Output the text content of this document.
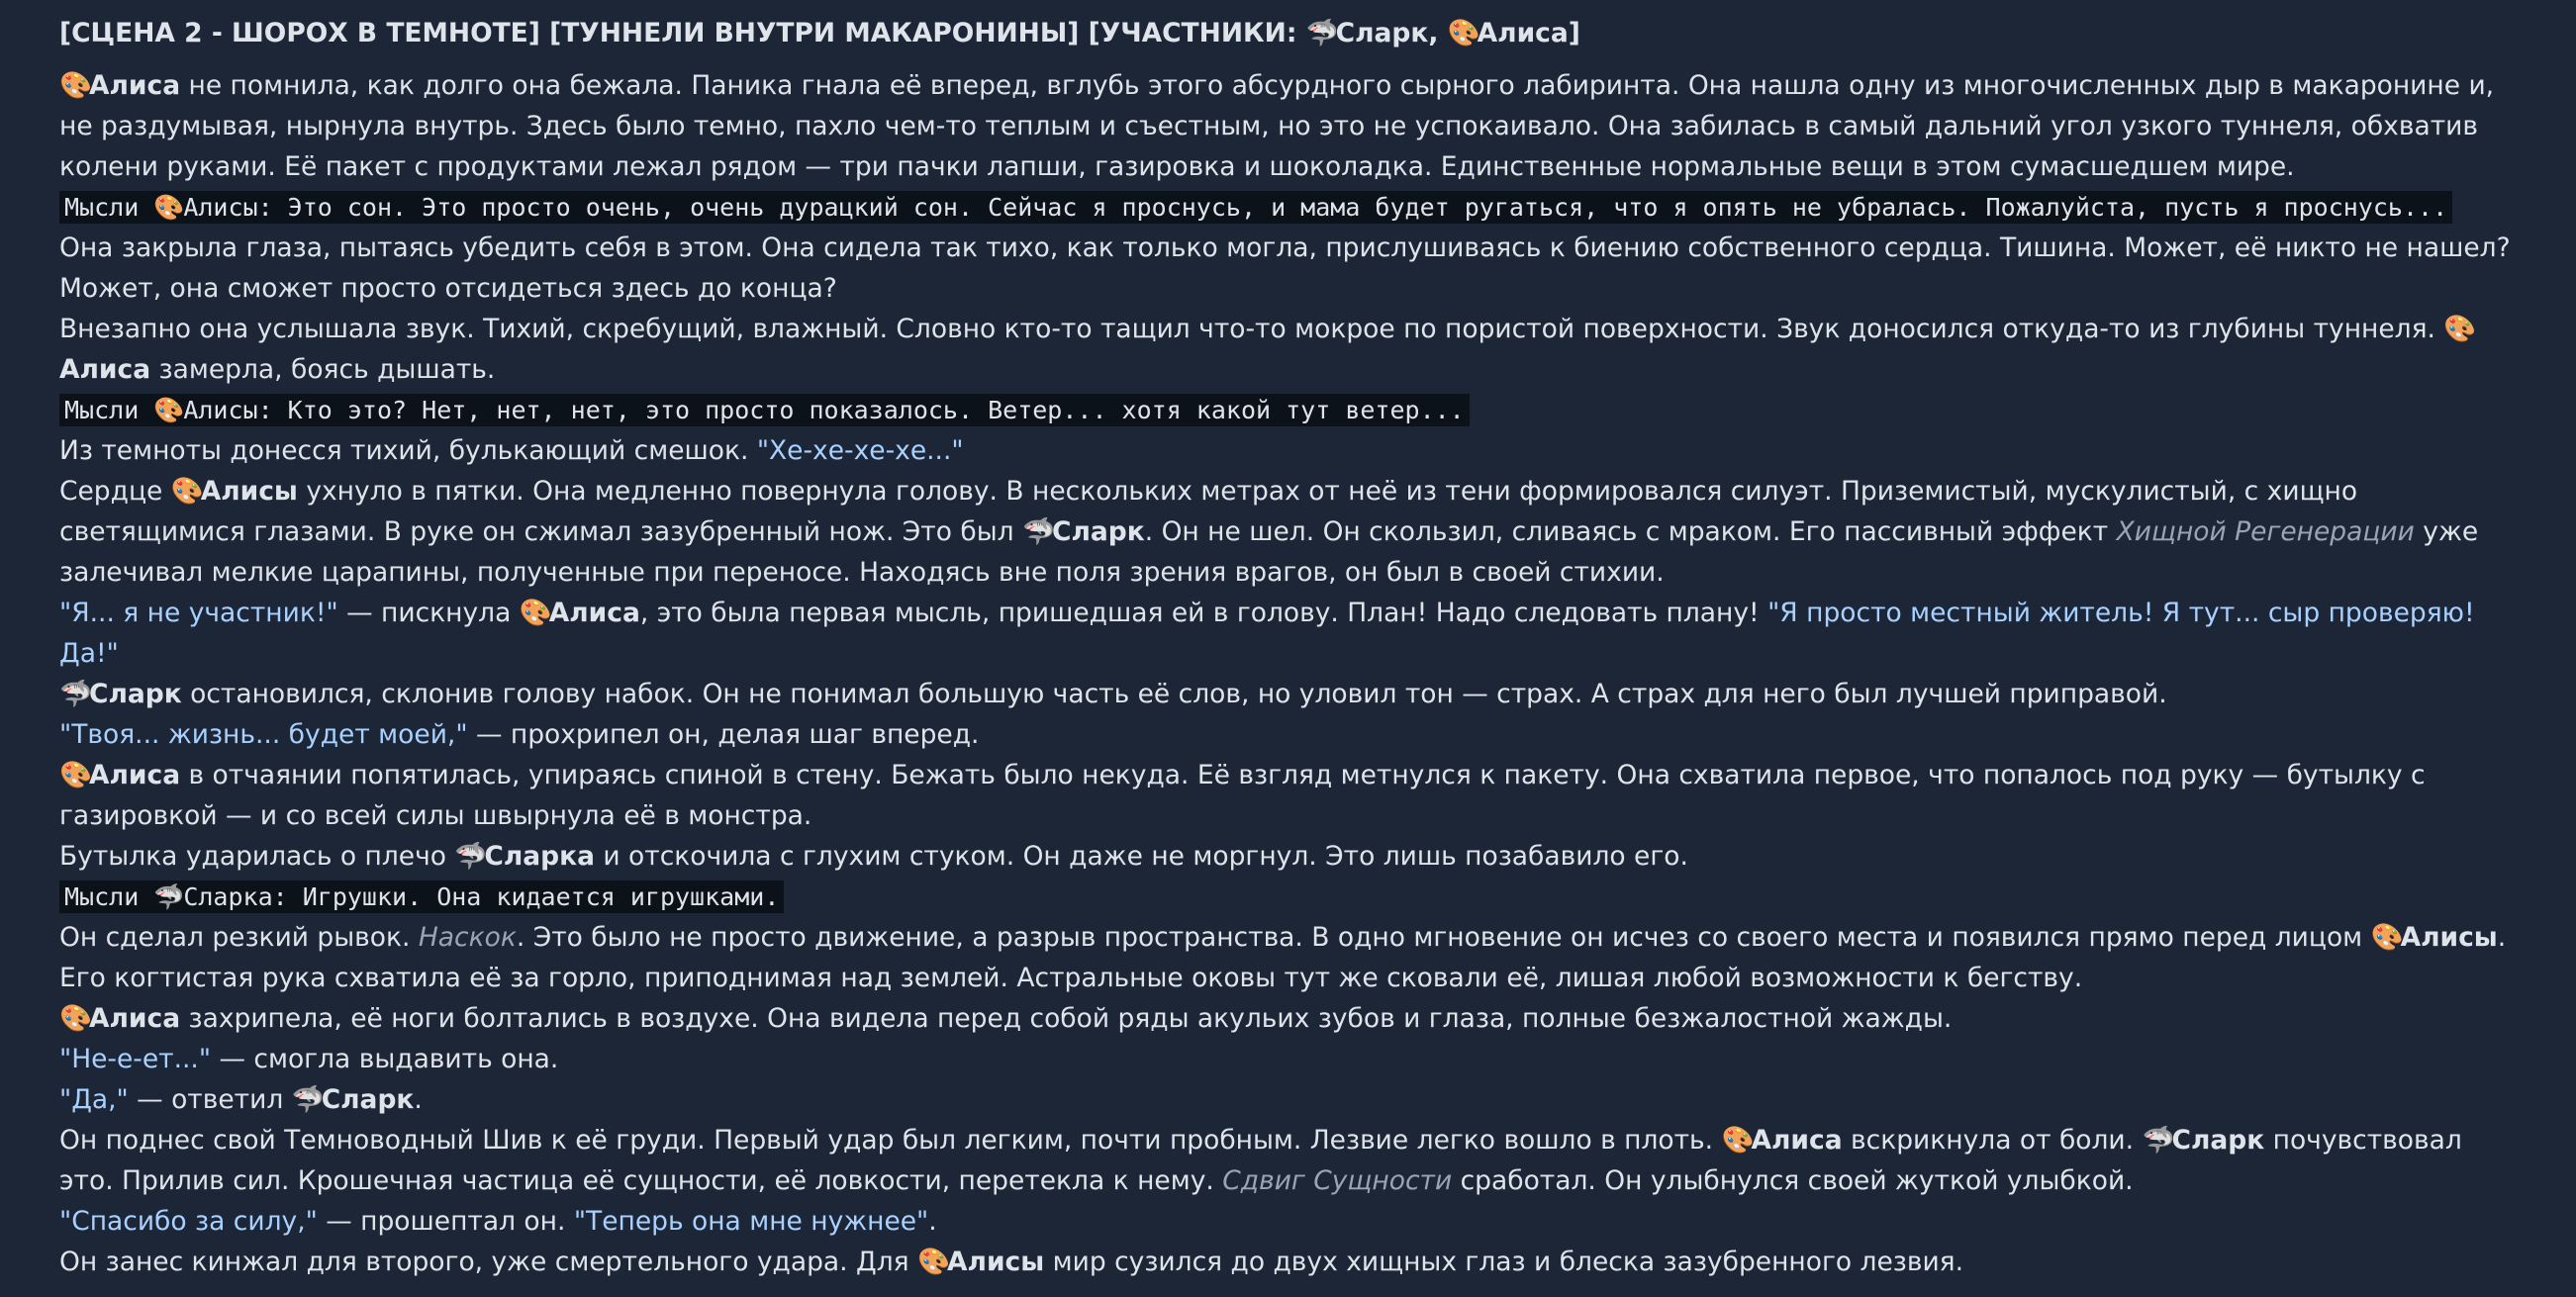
[СЦЕНА 2 - ШОРОХ В ТЕМНОТЕ] [ТУННЕЛИ ВНУТРИ МАКАРОНИНЫ] [УЧАСТНИКИ: 🦈Сларк, 🎨Алиса]

🎨Алиса не помнила, как долго она бежала. Паника гнала её вперед, вглубь этого абсурдного сырного лабиринта. Она нашла одну из многочисленных дыр в макаронине и, не раздумывая, нырнула внутрь. Здесь было темно, пахло чем-то теплым и съестным, но это не успокаивало. Она забилась в самый дальний угол узкого туннеля, обхватив колени руками. Её пакет с продуктами лежал рядом — три пачки лапши, газировка и шоколадка. Единственные нормальные вещи в этом сумасшедшем мире.

Мысли 🎨Алисы: Это сон. Это просто очень, очень дурацкий сон. Сейчас я проснусь, и мама будет ругаться, что я опять не убралась. Пожалуйста, пусть я проснусь...

Она закрыла глаза, пытаясь убедить себя в этом. Она сидела так тихо, как только могла, прислушиваясь к биению собственного сердца. Тишина. Может, её никто не нашел? Может, она сможет просто отсидеться здесь до конца?

Внезапно она услышала звук. Тихий, скребущий, влажный. Словно кто-то тащил что-то мокрое по пористой поверхности. Звук доносился откуда-то из глубины туннеля. 🎨Алиса замерла, боясь дышать.

Мысли 🎨Алисы: Кто это? Нет, нет, нет, это просто показалось. Ветер... хотя какой тут ветер...

Из темноты донесся тихий, булькающий смешок. "Хе-хе-хе-хе..."

Сердце 🎨Алисы ухнуло в пятки. Она медленно повернула голову. В нескольких метрах от неё из тени формировался силуэт. Приземистый, мускулистый, с хищно светящимися глазами. В руке он сжимал зазубренный нож. Это был 🦈Сларк. Он не шел. Он скользил, сливаясь с мраком. Его пассивный эффект Хищной Регенерации уже залечивал мелкие царапины, полученные при переносе. Находясь вне поля зрения врагов, он был в своей стихии.

"Я... я не участник!" — пискнула 🎨Алиса, это была первая мысль, пришедшая ей в голову. План! Надо следовать плану! "Я просто местный житель! Я тут... сыр проверяю! Да!"

🦈Сларк остановился, склонив голову набок. Он не понимал большую часть её слов, но уловил тон — страх. А страх для него был лучшей приправой.

"Твоя... жизнь... будет моей," — прохрипел он, делая шаг вперед.

🎨Алиса в отчаянии попятилась, упираясь спиной в стену. Бежать было некуда. Её взгляд метнулся к пакету. Она схватила первое, что попалось под руку — бутылку с газировкой — и со всей силы швырнула её в монстра.

Бутылка ударилась о плечо 🦈Сларка и отскочила с глухим стуком. Он даже не моргнул. Это лишь позабавило его.

Мысли 🦈Сларка: Игрушки. Она кидается игрушками.

Он сделал резкий рывок. Наскок. Это было не просто движение, а разрыв пространства. В одно мгновение он исчез со своего места и появился прямо перед лицом 🎨Алисы. Его когтистая рука схватила её за горло, приподнимая над землей. Астральные оковы тут же сковали её, лишая любой возможности к бегству.

🎨Алиса захрипела, её ноги болтались в воздухе. Она видела перед собой ряды акульих зубов и глаза, полные безжалостной жажды.

"Не-е-ет..." — смогла выдавить она.

"Да," — ответил 🦈Сларк.

Он поднес свой Темноводный Шив к её груди. Первый удар был легким, почти пробным. Лезвие легко вошло в плоть. 🎨Алиса вскрикнула от боли. 🦈Сларк почувствовал это. Прилив сил. Крошечная частица её сущности, её ловкости, перетекла к нему. Сдвиг Сущности сработал. Он улыбнулся своей жуткой улыбкой.

"Спасибо за силу," — прошептал он. "Теперь она мне нужнее".

Он занес кинжал для второго, уже смертельного удара. Для 🎨Алисы мир сузился до двух хищных глаз и блеска зазубренного лезвия.
